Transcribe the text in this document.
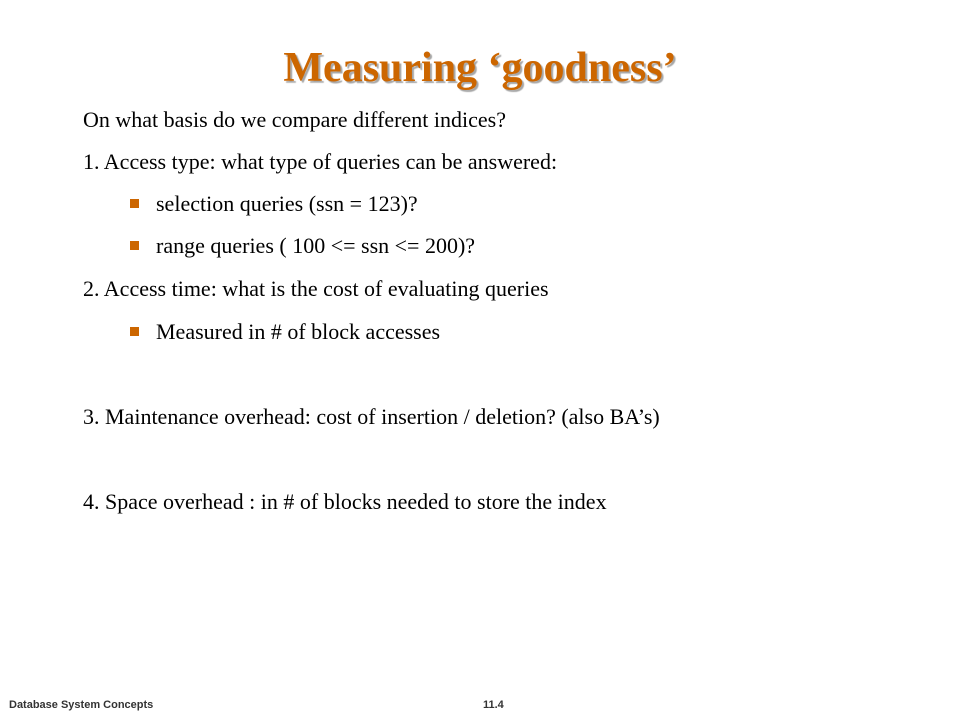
Measuring ‘goodness’
On what basis do we compare different indices?
1. Access type: what type of queries can be answered:
selection queries (ssn = 123)?
range queries ( 100 <= ssn <= 200)?
2. Access time: what is the cost of evaluating queries
Measured in # of block accesses
3. Maintenance overhead: cost of insertion / deletion? (also BA’s)
4. Space overhead : in # of blocks needed to store the index
Database System Concepts	11.4
